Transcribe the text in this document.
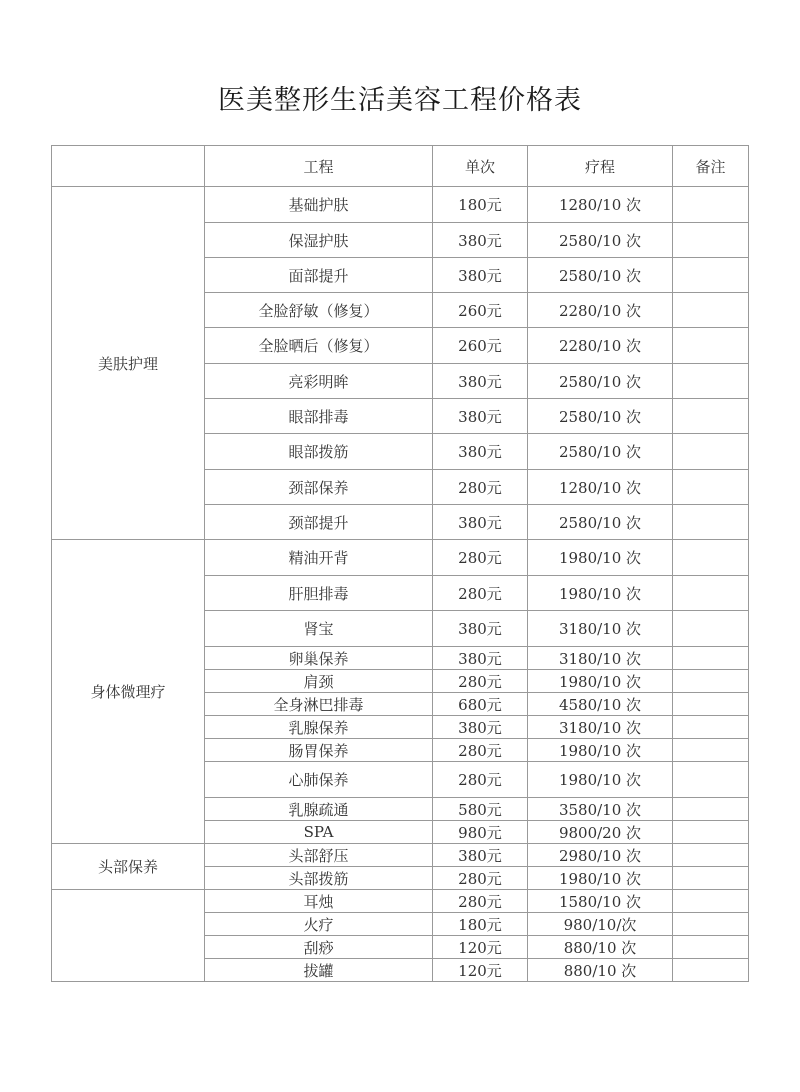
医美整形生活美容工程价格表
	工程	单次	疗程	备注
美肤护理	基础护肤	180元	1280/10 次	
	保湿护肤	380元	2580/10 次	
	面部提升	380元	2580/10 次	
	全脸舒敏（修复）	260元	2280/10 次	
	全脸晒后（修复）	260元	2280/10 次	
	亮彩明眸	380元	2580/10 次	
	眼部排毒	380元	2580/10 次	
	眼部拨筋	380元	2580/10 次	
	颈部保养	280元	1280/10 次	
	颈部提升	380元	2580/10 次	
身体微理疗	精油开背	280元	1980/10 次	
	肝胆排毒	280元	1980/10 次	
	肾宝	380元	3180/10 次	
	卵巢保养	380元	3180/10 次	
	肩颈	280元	1980/10 次	
	全身淋巴排毒	680元	4580/10 次	
	乳腺保养	380元	3180/10 次	
	肠胃保养	280元	1980/10 次	
	心肺保养	280元	1980/10 次	
	乳腺疏通	580元	3580/10 次	
	SPA	980元	9800/20 次	
头部保养	头部舒压	380元	2980/10 次	
	头部拨筋	280元	1980/10 次	
	耳烛	280元	1580/10 次	
	火疗	180元	980/10/次	
	刮痧	120元	880/10 次	
	拔罐	120元	880/10 次	
